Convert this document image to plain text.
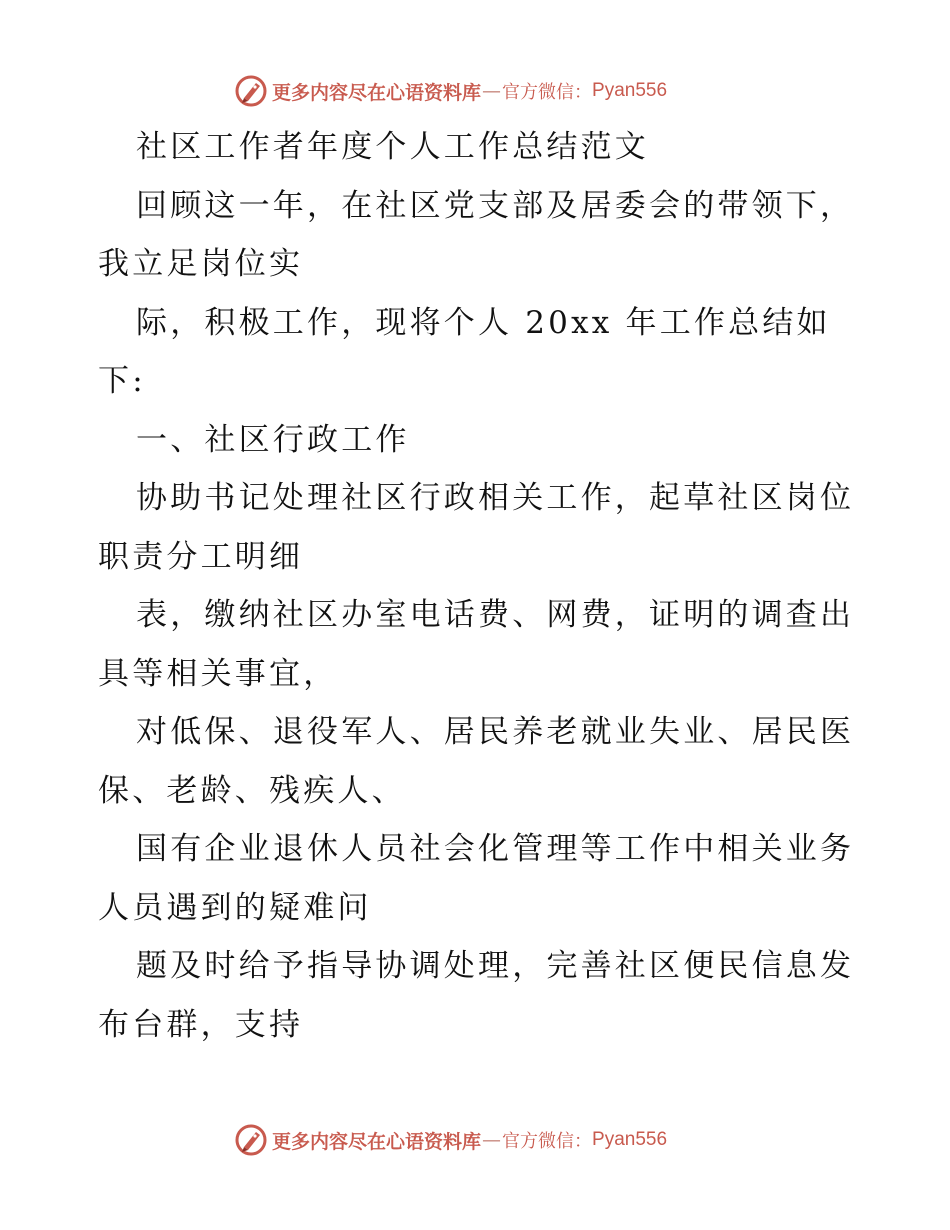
更多内容尽在心语资料库 — 官方微信： Pyan556
社区工作者年度个人工作总结范文
回顾这一年，在社区党支部及居委会的带领下，
我立足岗位实
际，积极工作，现将个人 20xx 年工作总结如
下:
一、社区行政工作
协助书记处理社区行政相关工作，起草社区岗位
职责分工明细
表，缴纳社区办室电话费、网费，证明的调查出
具等相关事宜，
对低保、退役军人、居民养老就业失业、居民医
保、老龄、残疾人、
国有企业退休人员社会化管理等工作中相关业务
人员遇到的疑难问
题及时给予指导协调处理，完善社区便民信息发
布台群，支持
更多内容尽在心语资料库 — 官方微信： Pyan556
